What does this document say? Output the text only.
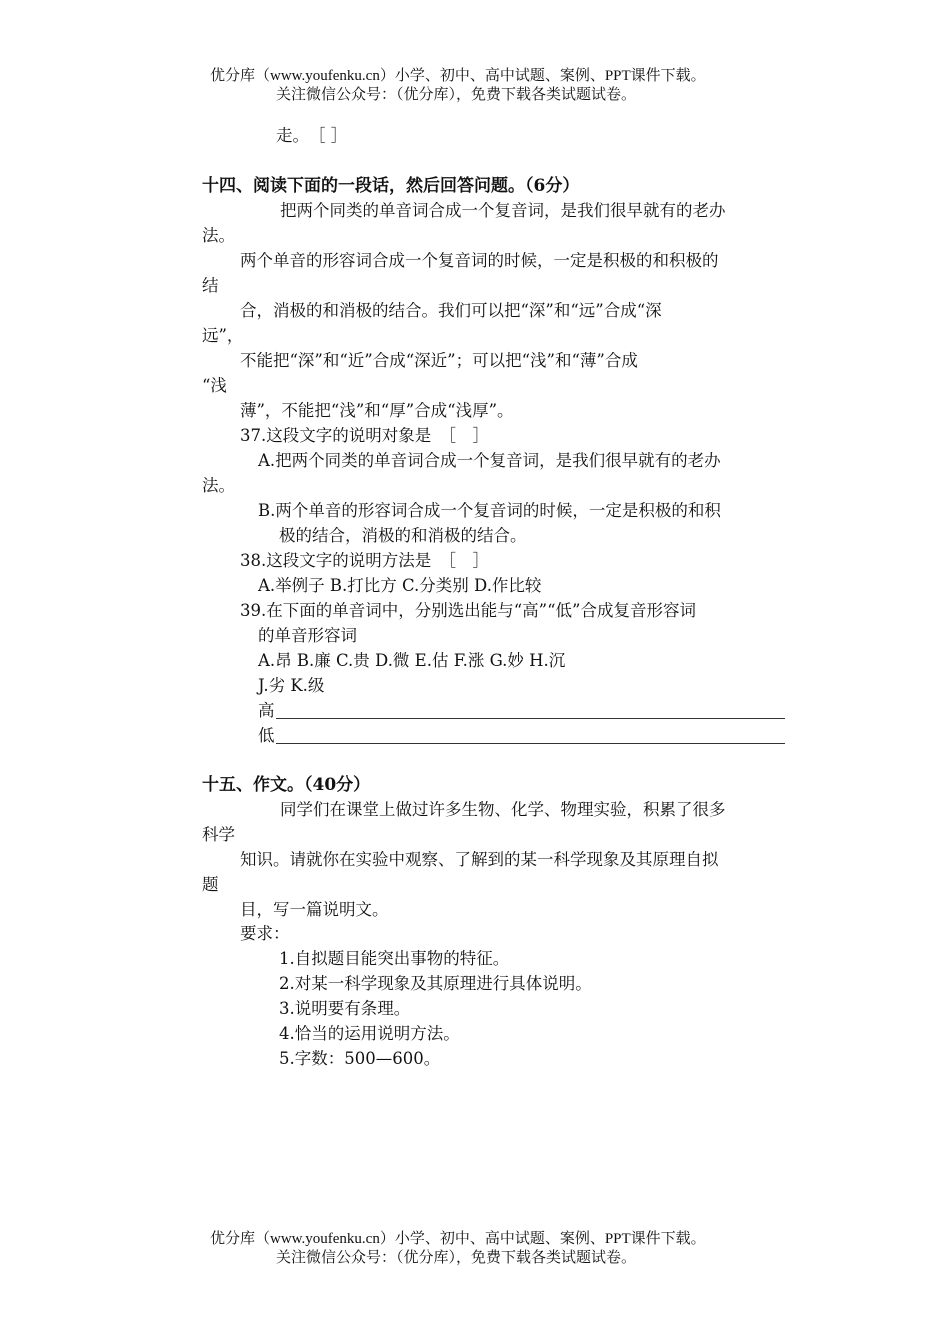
优分库（www.youfenku.cn）小学、初中、高中试题、案例、PPT课件下载。
关注微信公众号：（优分库），免费下载各类试题试卷。
走。　［ ］
十四、阅读下面的一段话，然后回答问题。（6分）
把两个同类的单音词合成一个复音词，是我们很早就有的老办
法。
两个单音的形容词合成一个复音词的时候，一定是积极的和积极的
结
合，消极的和消极的结合。我们可以把“深”和“远”合成“深
远”，
不能把“深”和“近”合成“深近”；可以把“浅”和“薄”合成
“浅
薄”，不能把“浅”和“厚”合成“浅厚”。
37.这段文字的说明对象是　［　］
A.把两个同类的单音词合成一个复音词，是我们很早就有的老办
法。
B.两个单音的形容词合成一个复音词的时候，一定是积极的和积
极的结合，消极的和消极的结合。
38.这段文字的说明方法是　［　］
A.举例子 B.打比方 C.分类别 D.作比较
39.在下面的单音词中，分别选出能与“高”“低”合成复音形容词
的单音形容词
A.昂 B.廉 C.贵 D.微 E.估 F.涨 G.妙 H.沉
J.劣 K.级
高
低
十五、作文。（40分）
同学们在课堂上做过许多生物、化学、物理实验，积累了很多
科学
知识。请就你在实验中观察、了解到的某一科学现象及其原理自拟
题
目，写一篇说明文。
要求：
1.自拟题目能突出事物的特征。
2.对某一科学现象及其原理进行具体说明。
3.说明要有条理。
4.恰当的运用说明方法。
5.字数：500—600。
优分库（www.youfenku.cn）小学、初中、高中试题、案例、PPT课件下载。
关注微信公众号：（优分库），免费下载各类试题试卷。
